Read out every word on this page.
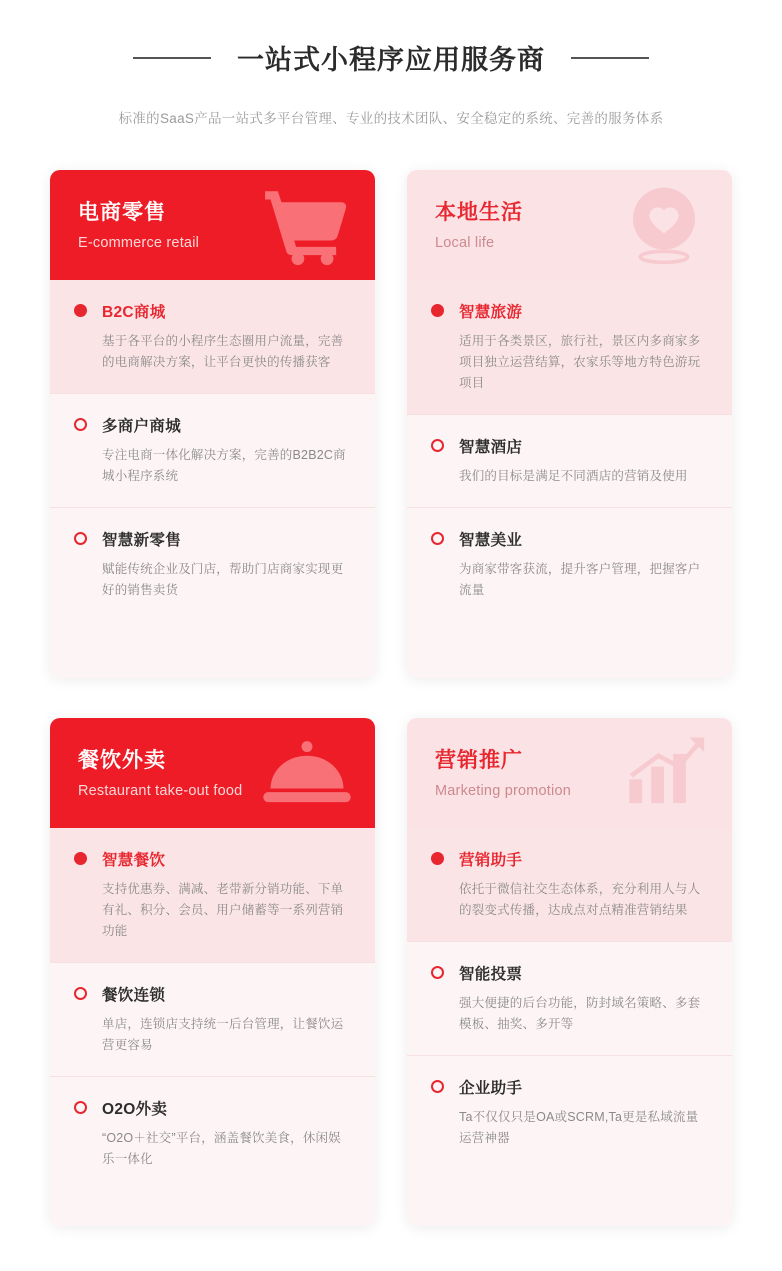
一站式小程序应用服务商
标准的SaaS产品一站式多平台管理、专业的技术团队、安全稳定的系统、完善的服务体系
电商零售
E-commerce retail
B2C商城
基于各平台的小程序生态圈用户流量，完善的电商解决方案，让平台更快的传播获客
多商户商城
专注电商一体化解决方案，完善的B2B2C商城小程序系统
智慧新零售
赋能传统企业及门店，帮助门店商家实现更好的销售卖货
本地生活
Local life
智慧旅游
适用于各类景区，旅行社，景区内多商家多项目独立运营结算，农家乐等地方特色游玩项目
智慧酒店
我们的目标是满足不同酒店的营销及使用
智慧美业
为商家带客获流，提升客户管理，把握客户流量
餐饮外卖
Restaurant take-out food
智慧餐饮
支持优惠券、满减、老带新分销功能、下单有礼、积分、会员、用户储蓄等一系列营销功能
餐饮连锁
单店，连锁店支持统一后台管理，让餐饮运营更容易
O2O外卖
“O2O＋社交”平台，涵盖餐饮美食，休闲娱乐一体化
营销推广
Marketing promotion
营销助手
依托于微信社交生态体系，充分利用人与人的裂变式传播，达成点对点精准营销结果
智能投票
强大便捷的后台功能，防封域名策略、多套模板、抽奖、多开等
企业助手
Ta不仅仅只是OA或SCRM,Ta更是私域流量运营神器
